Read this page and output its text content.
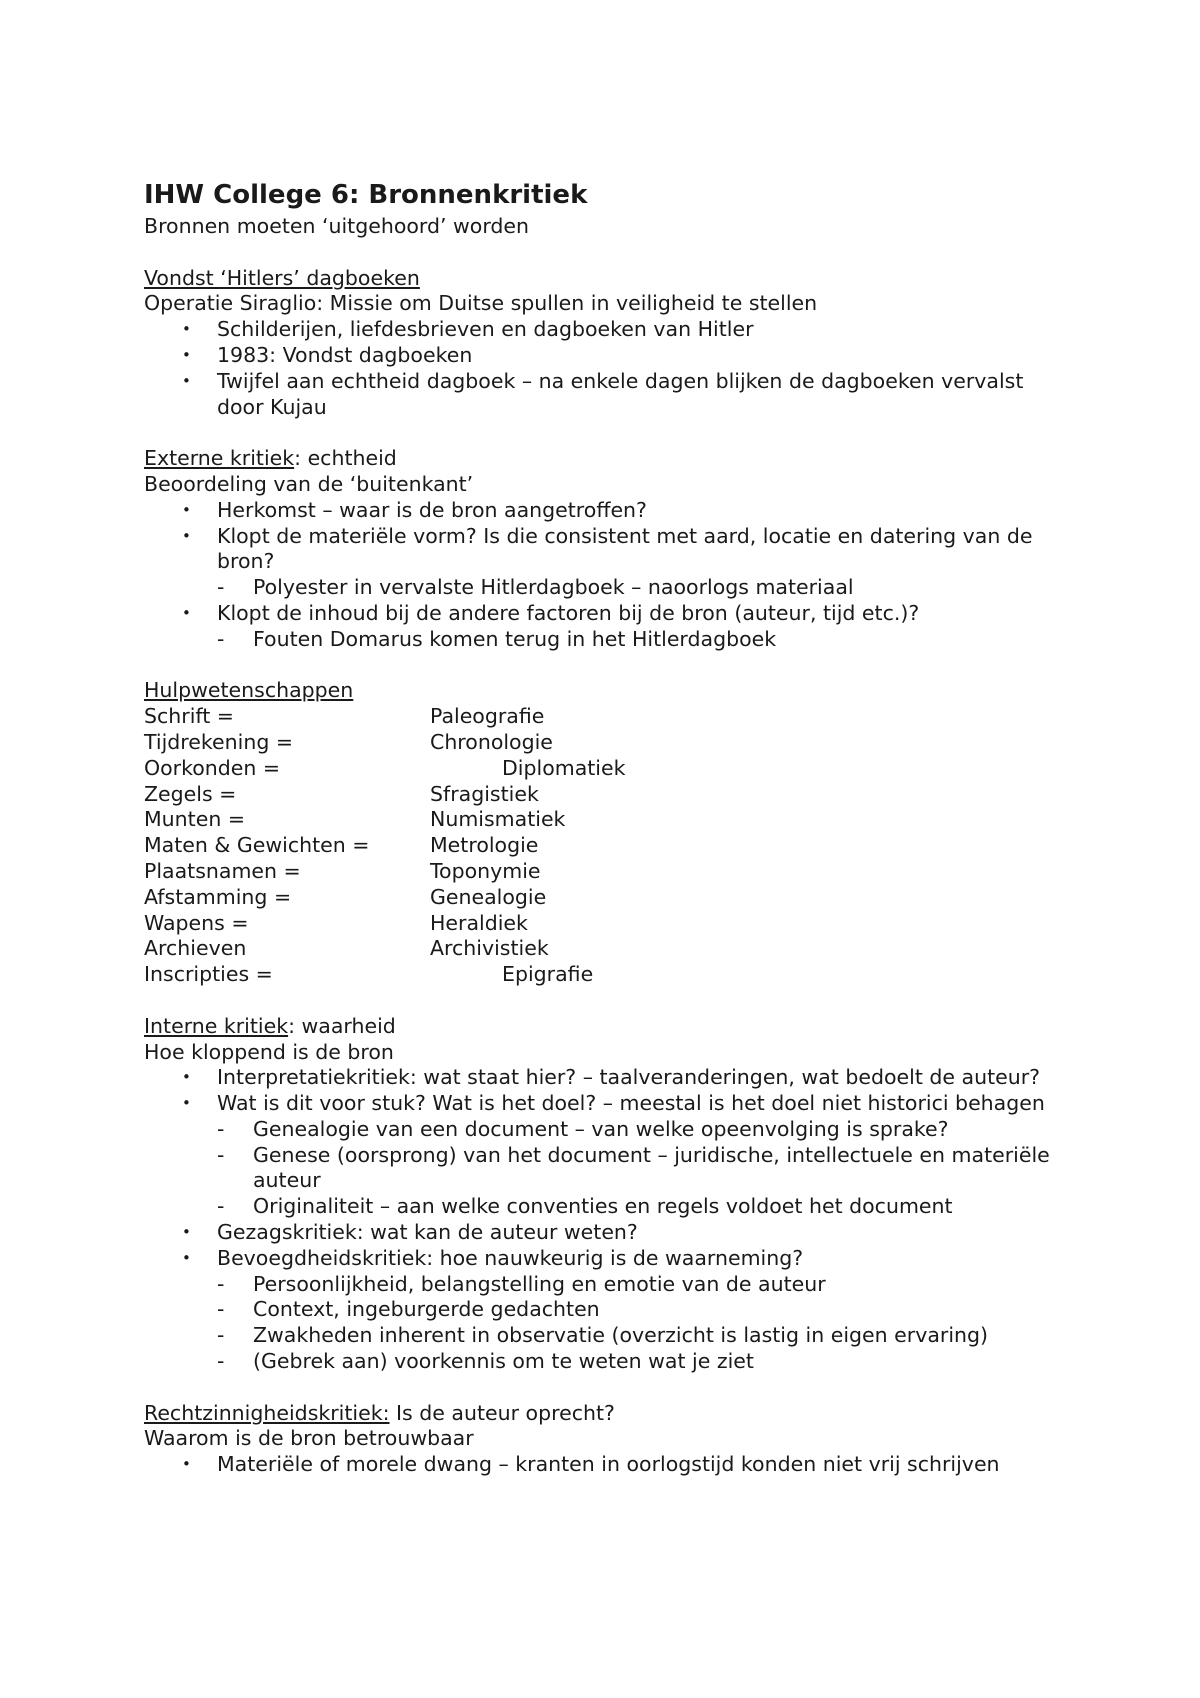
IHW College 6: Bronnenkritiek

Bronnen moeten ‘uitgehoord’ worden

Vondst ‘Hitlers’ dagboeken

Operatie Siraglio: Missie om Duitse spullen in veiligheid te stellen

• Schilderijen, liefdesbrieven en dagboeken van Hitler
• 1983: Vondst dagboeken
• Twijfel aan echtheid dagboek – na enkele dagen blijken de dagboeken vervalst door Kujau

Externe kritiek: echtheid

Beoordeling van de ‘buitenkant’

• Herkomst – waar is de bron aangetroffen?
• Klopt de materiële vorm? Is die consistent met aard, locatie en datering van de bron?
- Polyester in vervalste Hitlerdagboek – naoorlogs materiaal
• Klopt de inhoud bij de andere factoren bij de bron (auteur, tijd etc.)?
- Fouten Domarus komen terug in het Hitlerdagboek

Hulpwetenschappen

Schrift =	Paleografie
Tijdrekening =	Chronologie
Oorkonden =	Diplomatiek
Zegels =	Sfragistiek
Munten =	Numismatiek
Maten & Gewichten =	Metrologie
Plaatsnamen =	Toponymie
Afstamming =	Genealogie
Wapens =	Heraldiek
Archieven	Archivistiek
Inscripties =	Epigrafie

Interne kritiek: waarheid

Hoe kloppend is de bron

• Interpretatiekritiek: wat staat hier? – taalveranderingen, wat bedoelt de auteur?
• Wat is dit voor stuk? Wat is het doel? – meestal is het doel niet historici behagen
- Genealogie van een document – van welke opeenvolging is sprake?
- Genese (oorsprong) van het document – juridische, intellectuele en materiële auteur
- Originaliteit – aan welke conventies en regels voldoet het document
• Gezagskritiek: wat kan de auteur weten?
• Bevoegdheidskritiek: hoe nauwkeurig is de waarneming?
- Persoonlijkheid, belangstelling en emotie van de auteur
- Context, ingeburgerde gedachten
- Zwakheden inherent in observatie (overzicht is lastig in eigen ervaring)
- (Gebrek aan) voorkennis om te weten wat je ziet

Rechtzinnigheidskritiek: Is de auteur oprecht?

Waarom is de bron betrouwbaar

• Materiële of morele dwang – kranten in oorlogstijd konden niet vrij schrijven
